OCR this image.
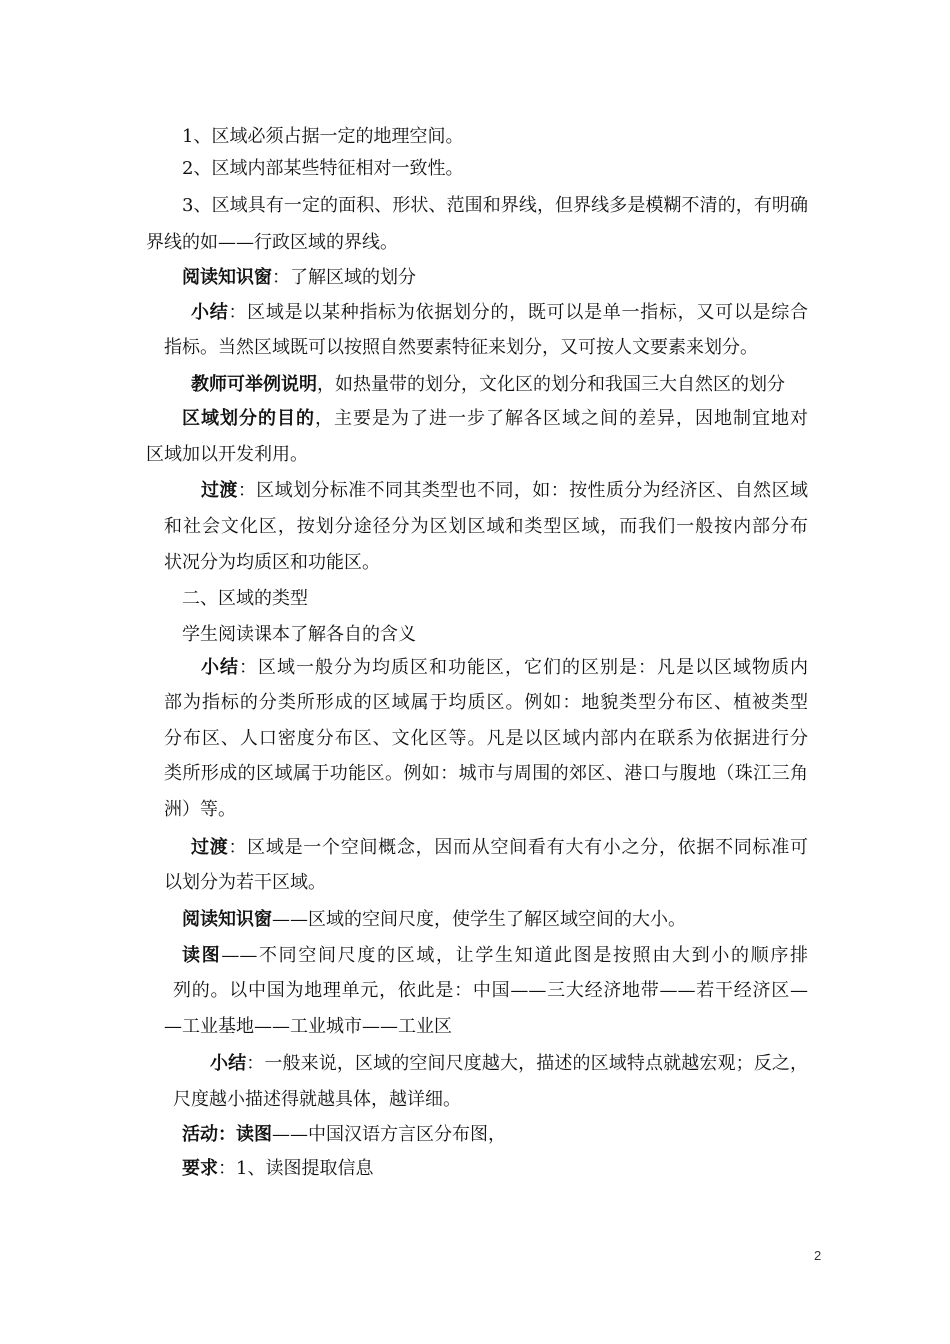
1、区域必须占据一定的地理空间。
2、区域内部某些特征相对一致性。
3、区域具有一定的面积、形状、范围和界线，但界线多是模糊不清的，有明确
界线的如——行政区域的界线。
阅读知识窗：了解区域的划分
小结：区域是以某种指标为依据划分的，既可以是单一指标，又可以是综合
指标。当然区域既可以按照自然要素特征来划分，又可按人文要素来划分。
教师可举例说明，如热量带的划分，文化区的划分和我国三大自然区的划分
区域划分的目的，主要是为了进一步了解各区域之间的差异，因地制宜地对
区域加以开发利用。
过渡：区域划分标准不同其类型也不同，如：按性质分为经济区、自然区域
和社会文化区，按划分途径分为区划区域和类型区域，而我们一般按内部分布
状况分为均质区和功能区。
二、区域的类型
学生阅读课本了解各自的含义
小结：区域一般分为均质区和功能区，它们的区别是：凡是以区域物质内
部为指标的分类所形成的区域属于均质区。例如：地貌类型分布区、植被类型
分布区、人口密度分布区、文化区等。凡是以区域内部内在联系为依据进行分
类所形成的区域属于功能区。例如：城市与周围的郊区、港口与腹地（珠江三角
洲）等。
过渡：区域是一个空间概念，因而从空间看有大有小之分，依据不同标准可
以划分为若干区域。
阅读知识窗——区域的空间尺度，使学生了解区域空间的大小。
读图——不同空间尺度的区域，让学生知道此图是按照由大到小的顺序排
列的。以中国为地理单元，依此是：中国——三大经济地带——若干经济区—
—工业基地——工业城市——工业区
小结：一般来说，区域的空间尺度越大，描述的区域特点就越宏观；反之，
尺度越小描述得就越具体，越详细。
活动：读图——中国汉语方言区分布图，
要求：1、读图提取信息
2
